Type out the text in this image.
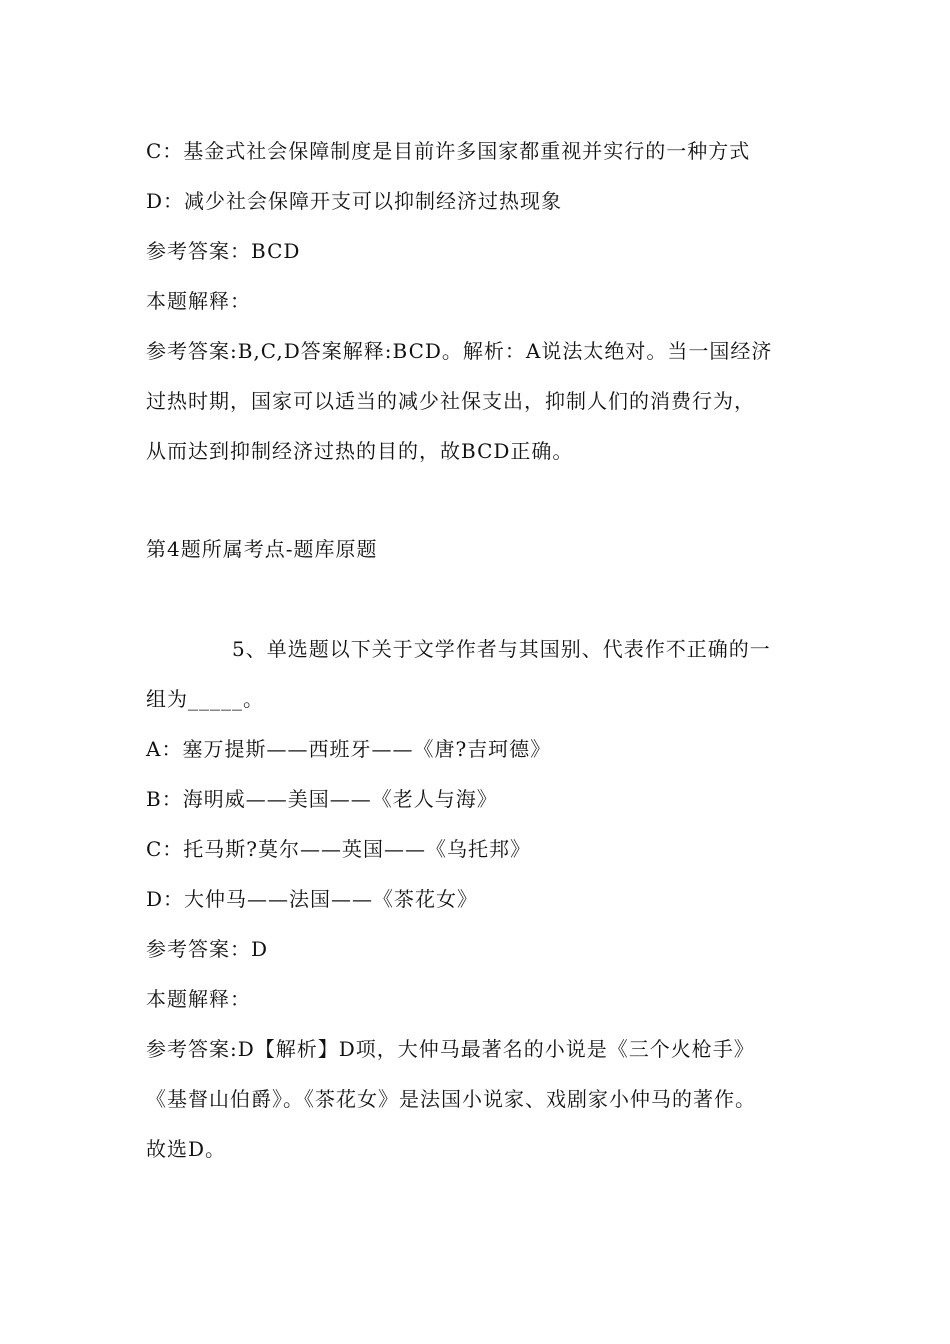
C：基金式社会保障制度是目前许多国家都重视并实行的一种方式
D：减少社会保障开支可以抑制经济过热现象
参考答案：BCD
本题解释：
参考答案:B,C,D答案解释:BCD。解析：A说法太绝对。当一国经济
过热时期，国家可以适当的减少社保支出，抑制人们的消费行为，
从而达到抑制经济过热的目的，故BCD正确。
第4题所属考点-题库原题
5、单选题以下关于文学作者与其国别、代表作不正确的一
组为_____。
A：塞万提斯——西班牙——《唐?吉珂德》
B：海明威——美国——《老人与海》
C：托马斯?莫尔——英国——《乌托邦》
D：大仲马——法国——《茶花女》
参考答案：D
本题解释：
参考答案:D【解析】D项，大仲马最著名的小说是《三个火枪手》
《基督山伯爵》。《茶花女》是法国小说家、戏剧家小仲马的著作。
故选D。
